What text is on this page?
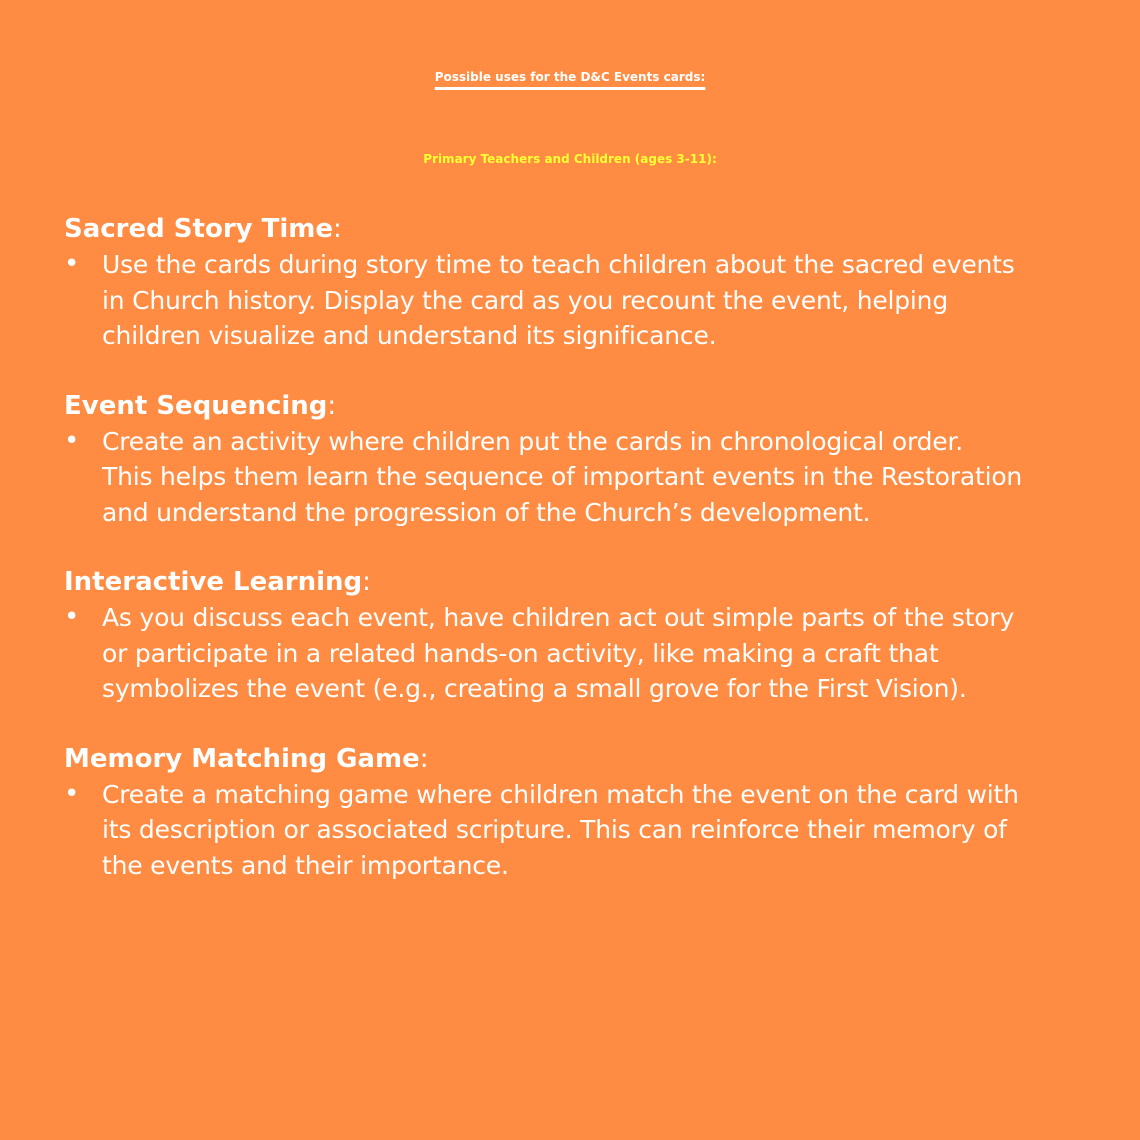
Possible uses for the D&C Events cards:
Primary Teachers and Children (ages 3-11):
Sacred Story Time:
• Use the cards during story time to teach children about the sacred events
in Church history. Display the card as you recount the event, helping
children visualize and understand its significance.
Event Sequencing:
• Create an activity where children put the cards in chronological order.
This helps them learn the sequence of important events in the Restoration
and understand the progression of the Church’s development.
Interactive Learning:
• As you discuss each event, have children act out simple parts of the story
or participate in a related hands-on activity, like making a craft that
symbolizes the event (e.g., creating a small grove for the First Vision).
Memory Matching Game:
• Create a matching game where children match the event on the card with
its description or associated scripture. This can reinforce their memory of
the events and their importance.
